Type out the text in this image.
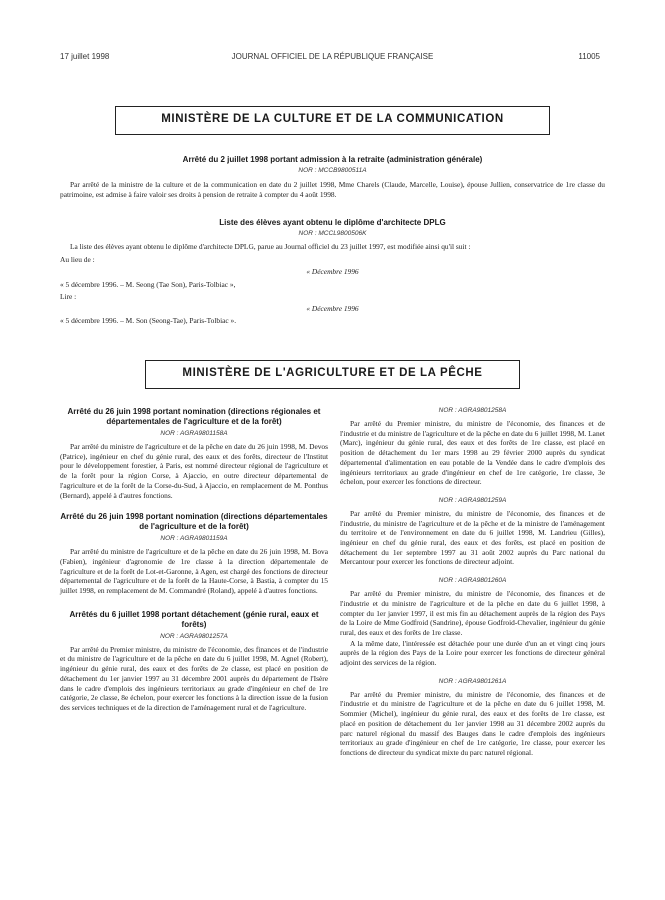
17 juillet 1998	JOURNAL OFFICIEL DE LA RÉPUBLIQUE FRANÇAISE	11005
MINISTÈRE DE LA CULTURE ET DE LA COMMUNICATION
Arrêté du 2 juillet 1998 portant admission à la retraite (administration générale)
NOR : MCCB9800511A

Par arrêté de la ministre de la culture et de la communication en date du 2 juillet 1998, Mme Charels (Claude, Marcelle, Louise), épouse Jullien, conservatrice de 1re classe du patrimoine, est admise à faire valoir ses droits à pension de retraite à compter du 4 août 1998.

Liste des élèves ayant obtenu le diplôme d'architecte DPLG
NOR : MCCL9800506K

La liste des élèves ayant obtenu le diplôme d'architecte DPLG, parue au Journal officiel du 23 juillet 1997, est modifiée ainsi qu'il suit :

Au lieu de :
« Décembre 1996
« 5 décembre 1996. – M. Seong (Tae Son), Paris-Tolbiac »,
Lire :
« Décembre 1996
« 5 décembre 1996. – M. Son (Seong-Tae), Paris-Tolbiac ».
MINISTÈRE DE L'AGRICULTURE ET DE LA PÊCHE
Arrêté du 26 juin 1998 portant nomination (directions régionales et départementales de l'agriculture et de la forêt)
NOR : AGRA9801158A

Par arrêté du ministre de l'agriculture et de la pêche en date du 26 juin 1998, M. Devos (Patrice), ingénieur en chef du génie rural, des eaux et des forêts, directeur de l'Institut pour le développement forestier, à Paris, est nommé directeur régional de l'agriculture et de la forêt pour la région Corse, à Ajaccio, en outre directeur départemental de l'agriculture et de la forêt de la Corse-du-Sud, à Ajaccio, en remplacement de M. Ponthus (Bernard), appelé à d'autres fonctions.

Arrêté du 26 juin 1998 portant nomination (directions départementales de l'agriculture et de la forêt)
NOR : AGRA9801159A

Par arrêté du ministre de l'agriculture et de la pêche en date du 26 juin 1998, M. Bova (Fabien), ingénieur d'agronomie de 1re classe à la direction départementale de l'agriculture et de la forêt de Lot-et-Garonne, à Agen, est chargé des fonctions de directeur départemental de l'agriculture et de la forêt de la Haute-Corse, à Bastia, à compter du 15 juillet 1998, en remplacement de M. Commandré (Roland), appelé à d'autres fonctions.

Arrêtés du 6 juillet 1998 portant détachement (génie rural, eaux et forêts)
NOR : AGRA9801257A

Par arrêté du Premier ministre, du ministre de l'économie, des finances et de l'industrie et du ministre de l'agriculture et de la pêche en date du 6 juillet 1998, M. Agnel (Robert), ingénieur du génie rural, des eaux et des forêts de 2e classe, est placé en position de détachement du 1er janvier 1997 au 31 décembre 2001 auprès du département de l'Isère dans le cadre d'emplois des ingénieurs territoriaux au grade d'ingénieur en chef de 1re catégorie, 2e classe, 8e échelon, pour exercer les fonctions à la direction issue de la fusion des services techniques et de la direction de l'aménagement rural et de l'agriculture.

NOR : AGRA9801258A

Par arrêté du Premier ministre, du ministre de l'économie, des finances et de l'industrie et du ministre de l'agriculture et de la pêche en date du 6 juillet 1998, M. Lanet (Marc), ingénieur du génie rural, des eaux et des forêts de 1re classe, est placé en position de détachement du 1er mars 1998 au 29 février 2000 auprès du syndicat départemental d'alimentation en eau potable de la Vendée dans le cadre d'emplois des ingénieurs territoriaux au grade d'ingénieur en chef de 1re catégorie, 1re classe, 3e échelon, pour exercer les fonctions de directeur.

NOR : AGRA9801259A

Par arrêté du Premier ministre, du ministre de l'économie, des finances et de l'industrie, du ministre de l'agriculture et de la pêche et de la ministre de l'aménagement du territoire et de l'environnement en date du 6 juillet 1998, M. Landrieu (Gilles), ingénieur en chef du génie rural, des eaux et des forêts, est placé en position de détachement du 1er septembre 1997 au 31 août 2002 auprès du Parc national du Mercantour pour exercer les fonctions de directeur adjoint.

NOR : AGRA9801260A

Par arrêté du Premier ministre, du ministre de l'économie, des finances et de l'industrie et du ministre de l'agriculture et de la pêche en date du 6 juillet 1998, à compter du 1er janvier 1997, il est mis fin au détachement auprès de la région des Pays de la Loire de Mme Godfroid (Sandrine), épouse Godfroid-Chevalier, ingénieur du génie rural, des eaux et des forêts de 1re classe.

A la même date, l'intéressée est détachée pour une durée d'un an et vingt cinq jours auprès de la région des Pays de la Loire pour exercer les fonctions de directeur général adjoint des services de la région.

NOR : AGRA9801261A

Par arrêté du Premier ministre, du ministre de l'économie, des finances et de l'industrie et du ministre de l'agriculture et de la pêche en date du 6 juillet 1998, M. Sommier (Michel), ingénieur du génie rural, des eaux et des forêts de 1re classe, est placé en position de détachement du 1er janvier 1998 au 31 décembre 2002 auprès du parc naturel régional du massif des Bauges dans le cadre d'emplois des ingénieurs territoriaux au grade d'ingénieur en chef de 1re catégorie, 1re classe, pour exercer les fonctions de directeur du syndicat mixte du parc naturel régional.
